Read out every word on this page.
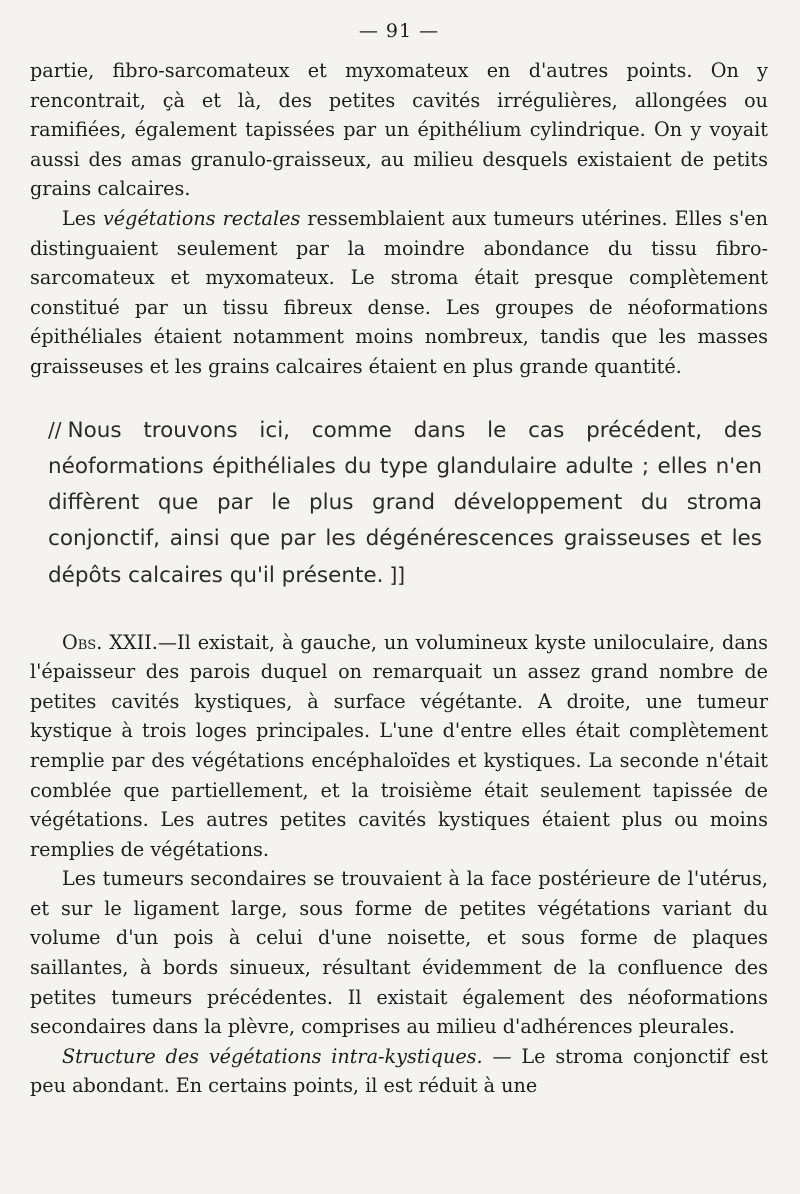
— 91 —

partie, fibro-sarcomateux et myxomateux en d'autres points. On y rencontrait, çà et là, des petites cavités irrégulières, allongées ou ramifiées, également tapissées par un épithélium cylindrique. On y voyait aussi des amas granulo-graisseux, au milieu desquels existaient de petits grains calcaires.

Les végétations rectales ressemblaient aux tumeurs utérines. Elles s'en distinguaient seulement par la moindre abondance du tissu fibro-sarcomateux et myxomateux. Le stroma était presque complètement constitué par un tissu fibreux dense. Les groupes de néoformations épithéliales étaient notamment moins nombreux, tandis que les masses graisseuses et les grains calcaires étaient en plus grande quantité.

// Nous trouvons ici, comme dans le cas précédent, des néoformations épithéliales du type glandulaire adulte ; elles n'en diffèrent que par le plus grand développement du stroma conjonctif, ainsi que par les dégénérescences graisseuses et les dépôts calcaires qu'il présente. ]]

Obs. XXII.—Il existait, à gauche, un volumineux kyste uniloculaire, dans l'épaisseur des parois duquel on remarquait un assez grand nombre de petites cavités kystiques, à surface végétante. A droite, une tumeur kystique à trois loges principales. L'une d'entre elles était complètement remplie par des végétations encéphaloïdes et kystiques. La seconde n'était comblée que partiellement, et la troisième était seulement tapissée de végétations. Les autres petites cavités kystiques étaient plus ou moins remplies de végétations.

Les tumeurs secondaires se trouvaient à la face postérieure de l'utérus, et sur le ligament large, sous forme de petites végétations variant du volume d'un pois à celui d'une noisette, et sous forme de plaques saillantes, à bords sinueux, résultant évidemment de la confluence des petites tumeurs précédentes. Il existait également des néoformations secondaires dans la plèvre, comprises au milieu d'adhérences pleurales.

Structure des végétations intra-kystiques. — Le stroma conjonctif est peu abondant. En certains points, il est réduit à une
